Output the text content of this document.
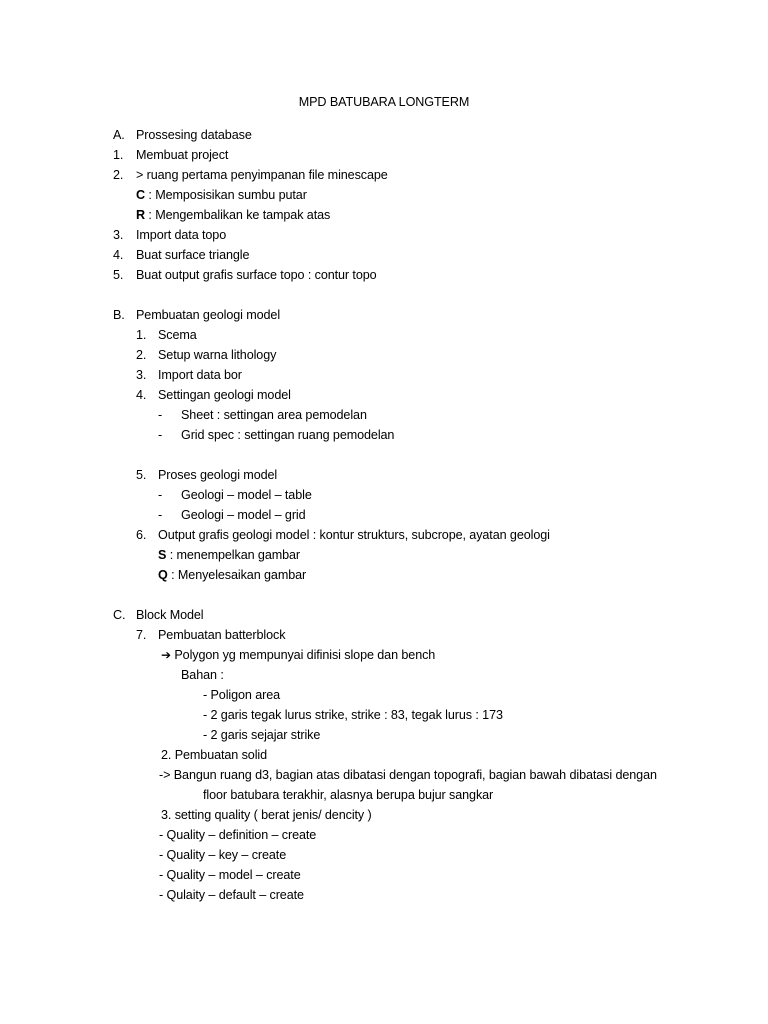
MPD BATUBARA LONGTERM
A. Prossesing database
1. Membuat project
2. > ruang pertama penyimpanan file minescape
C : Memposisikan sumbu putar
R : Mengembalikan ke tampak atas
3. Import data topo
4. Buat surface triangle
5. Buat output grafis surface topo : contur topo
B. Pembuatan geologi model
1. Scema
2. Setup warna lithology
3. Import data bor
4. Settingan geologi model
- Sheet : settingan area pemodelan
- Grid spec : settingan ruang pemodelan
5. Proses geologi model
- Geologi – model – table
- Geologi – model – grid
6. Output grafis geologi model : kontur strukturs, subcrope, ayatan geologi
S : menempelkan gambar
Q : Menyelesaikan gambar
C. Block Model
7. Pembuatan batterblock
➔ Polygon yg mempunyai difinisi slope dan bench
Bahan :
- Poligon area
- 2 garis tegak lurus strike, strike : 83, tegak lurus : 173
- 2 garis sejajar strike
2. Pembuatan solid
-> Bangun ruang d3, bagian atas dibatasi dengan topografi, bagian bawah dibatasi dengan
floor batubara terakhir, alasnya berupa bujur sangkar
3. setting quality ( berat jenis/ dencity )
- Quality – definition – create
- Quality – key – create
- Quality – model – create
- Qulaity – default – create
